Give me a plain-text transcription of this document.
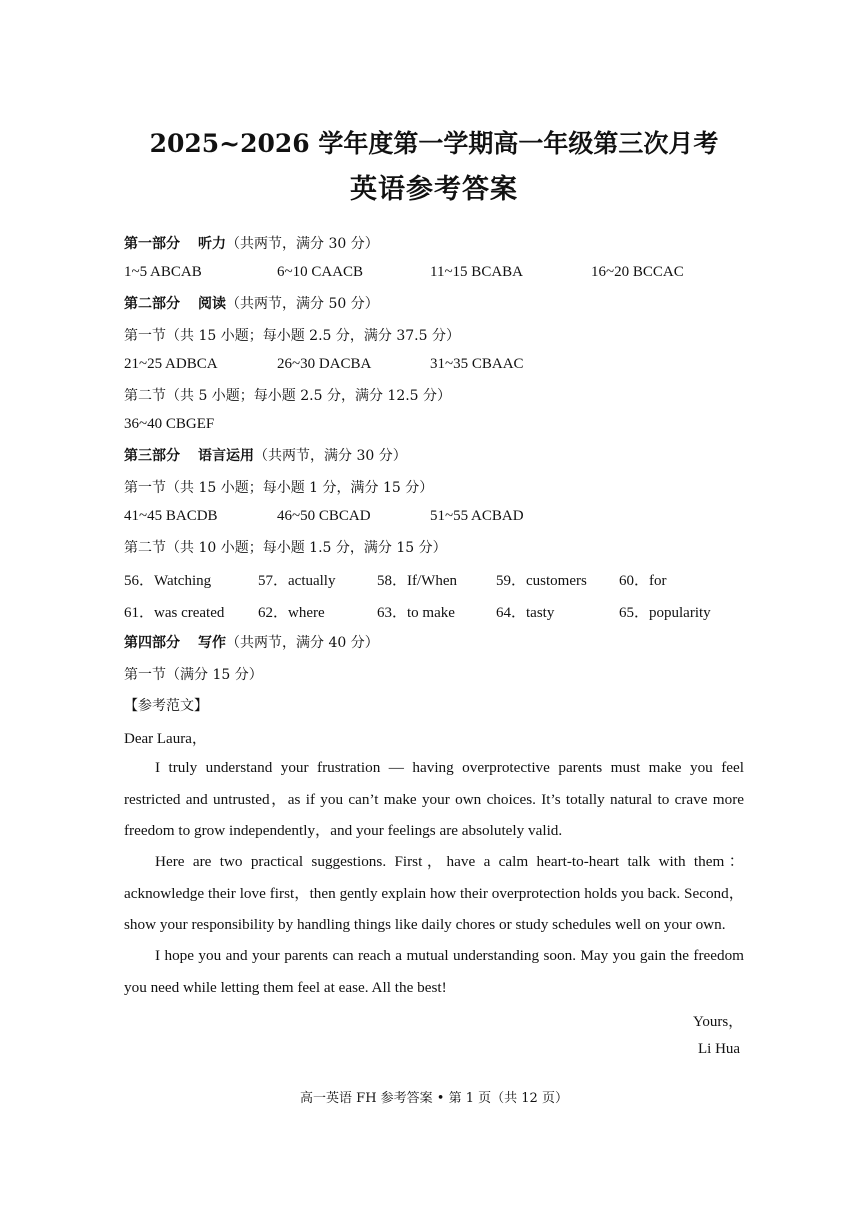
2025~2026 学年度第一学期高一年级第三次月考
英语参考答案
第一部分 听力（共两节，满分 30 分）
1~5 ABCAB	6~10 CAACB	11~15 BCABA	16~20 BCCAC
第二部分 阅读（共两节，满分 50 分）
第一节（共 15 小题；每小题 2.5 分，满分 37.5 分）
21~25 ADBCA	26~30 DACBA	31~35 CBAAC
第二节（共 5 小题；每小题 2.5 分，满分 12.5 分）
36~40 CBGEF
第三部分 语言运用（共两节，满分 30 分）
第一节（共 15 小题；每小题 1 分，满分 15 分）
41~45 BACDB	46~50 CBCAD	51~55 ACBAD
第二节（共 10 小题；每小题 1.5 分，满分 15 分）
56．Watching	57．actually	58．If/When	59．customers 60．for
61．was created 62．where	63．to make	64．tasty	65．popularity
第四部分 写作（共两节，满分 40 分）
第一节（满分 15 分）
【参考范文】
Dear Laura，
I truly understand your frustration — having overprotective parents must make you feel restricted and untrusted，as if you can’t make your own choices. It’s totally natural to crave more freedom to grow independently，and your feelings are absolutely valid.
Here are two practical suggestions. First，have a calm heart-to-heart talk with them：acknowledge their love first，then gently explain how their overprotection holds you back. Second，show your responsibility by handling things like daily chores or study schedules well on your own.
I hope you and your parents can reach a mutual understanding soon. May you gain the freedom you need while letting them feel at ease. All the best!
Yours，
Li Hua
高一英语 FH 参考答案 • 第 1 页（共 12 页）
